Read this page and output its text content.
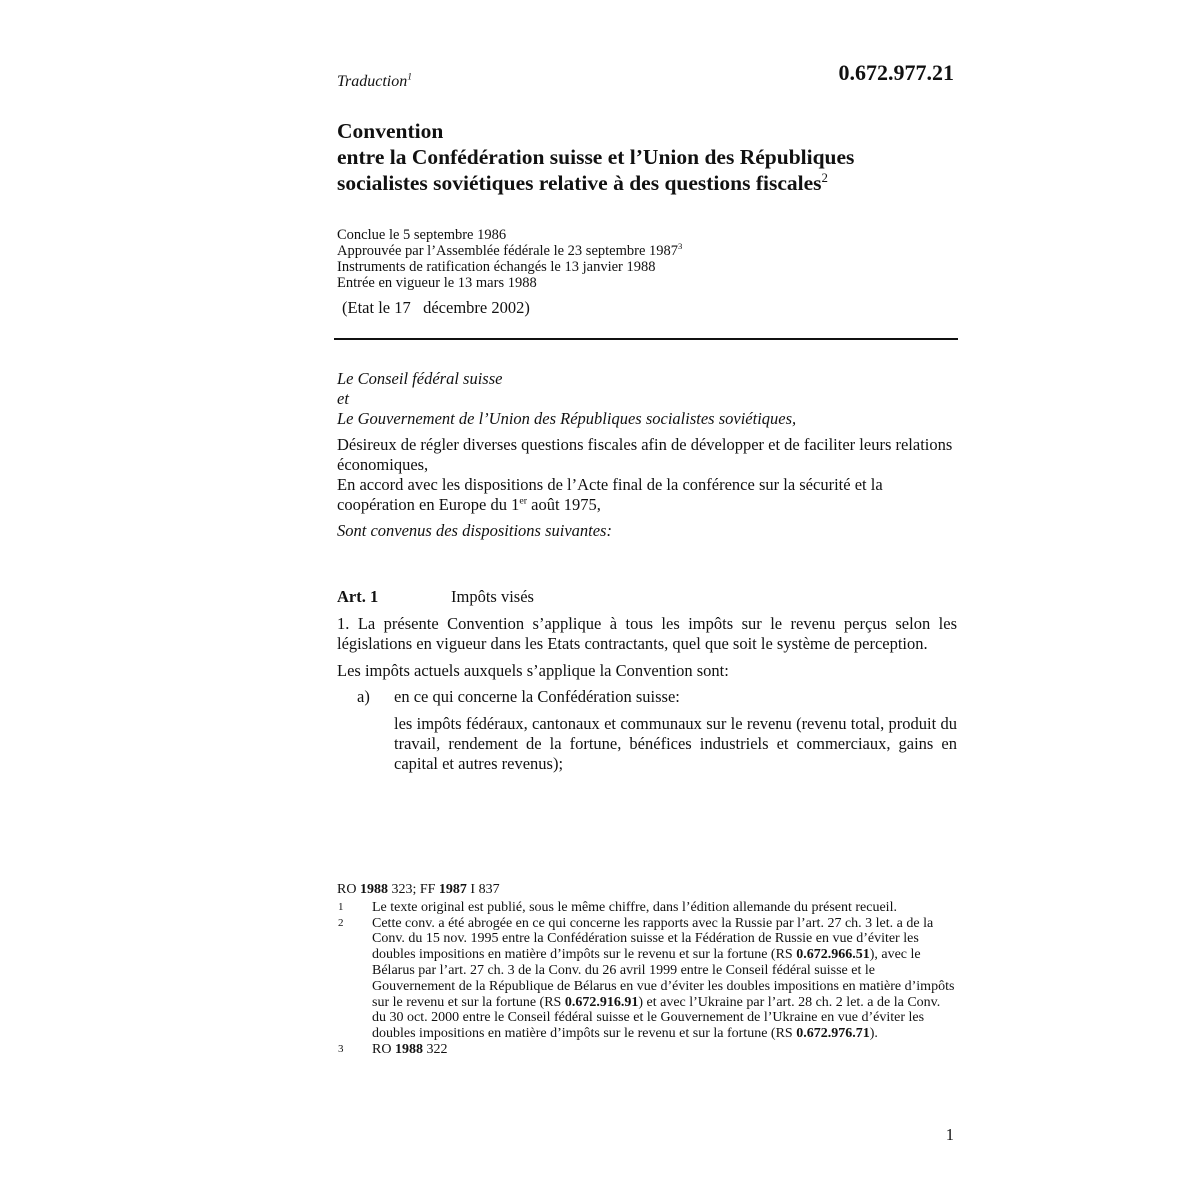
Traduction$^1$	0.672.977.21
Convention
entre la Confédération suisse et l’Union des Républiques
socialistes soviétiques relative à des questions fiscales$^2$
Conclue le 5 septembre 1986
Approuvée par l’Assemblée fédérale le 23 septembre 1987$^3$
Instruments de ratification échangés le 13 janvier 1988
Entrée en vigueur le 13 mars 1988
(Etat le 17   décembre 2002)
Le Conseil fédéral suisse
et
Le Gouvernement de l’Union des Républiques socialistes soviétiques,
Désireux de régler diverses questions fiscales afin de développer et de faciliter leurs relations économiques,
En accord avec les dispositions de l’Acte final de la conférence sur la sécurité et la coopération en Europe du 1er août 1975,
Sont convenus des dispositions suivantes:
Art. 1	Impôts visés
1. La présente Convention s’applique à tous les impôts sur le revenu perçus selon les législations en vigueur dans les Etats contractants, quel que soit le système de perception.
Les impôts actuels auxquels s’applique la Convention sont:
a)	en ce qui concerne la Confédération suisse:
les impôts fédéraux, cantonaux et communaux sur le revenu (revenu total, produit du travail, rendement de la fortune, bénéfices industriels et commerciaux, gains en capital et autres revenus);
RO 1988 323; FF 1987 I 837
1	Le texte original est publié, sous le même chiffre, dans l’édition allemande du présent recueil.
2	Cette conv. a été abrogée en ce qui concerne les rapports avec la Russie par l’art. 27 ch. 3 let. a de la Conv. du 15 nov. 1995 entre la Confédération suisse et la Fédération de Russie en vue d’éviter les doubles impositions en matière d’impôts sur le revenu et sur la fortune (RS 0.672.966.51), avec le Bélarus par l’art. 27 ch. 3 de la Conv. du 26 avril 1999 entre le Conseil fédéral suisse et le Gouvernement de la République de Bélarus en vue d’éviter les doubles impositions en matière d’impôts sur le revenu et sur la fortune (RS 0.672.916.91) et avec l’Ukraine par l’art. 28 ch. 2 let. a de la Conv. du 30 oct. 2000 entre le Conseil fédéral suisse et le Gouvernement de l’Ukraine en vue d’éviter les doubles impositions en matière d’impôts sur le revenu et sur la fortune (RS 0.672.976.71).
3	RO 1988 322
1
